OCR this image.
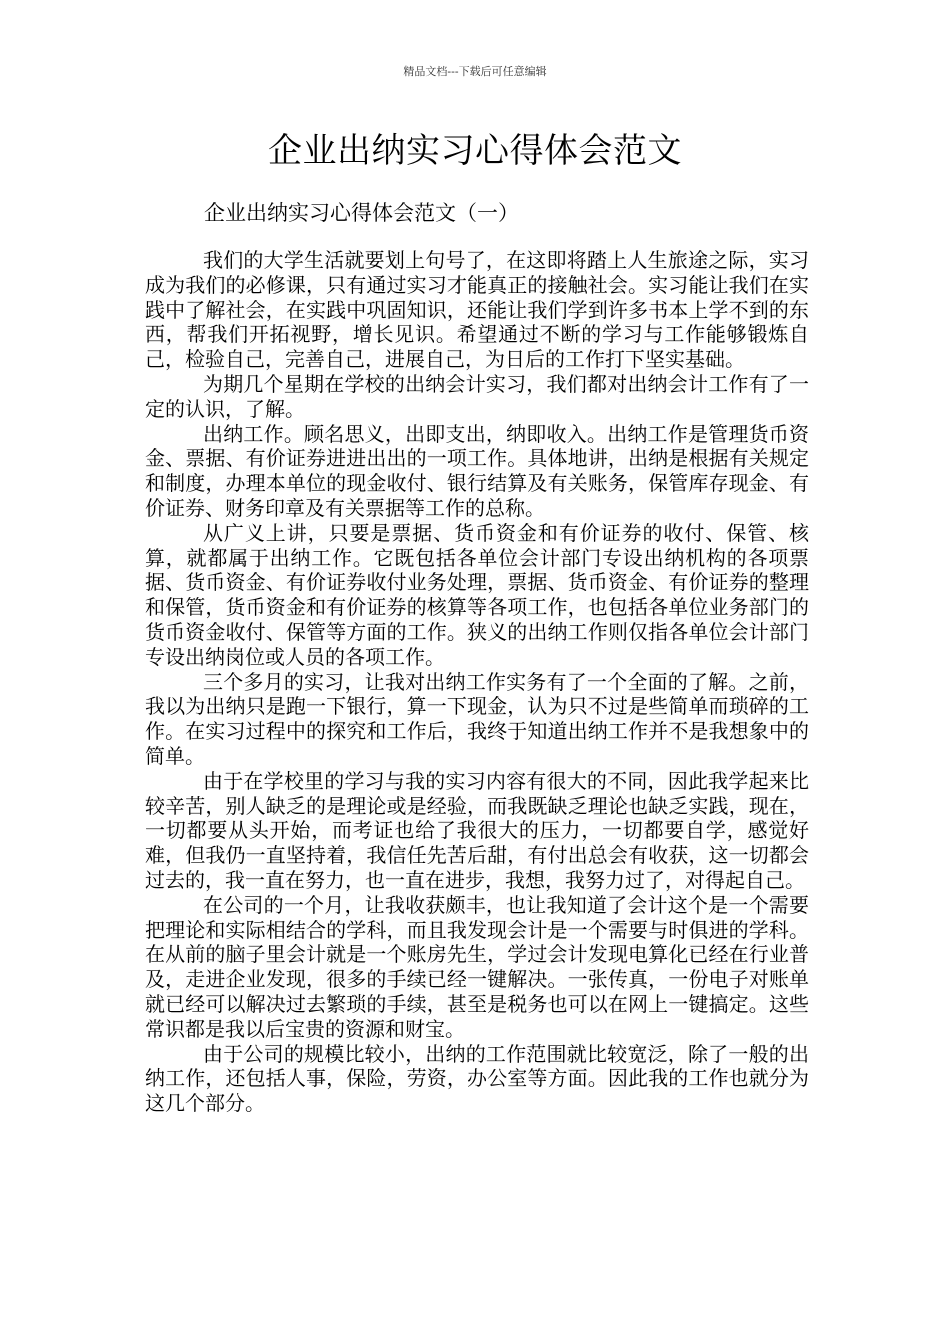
精品文档---下载后可任意编辑
企业出纳实习心得体会范文
企业出纳实习心得体会范文（一）

我们的大学生活就要划上句号了，在这即将踏上人生旅途之际，实习成为我们的必修课，只有通过实习才能真正的接触社会。实习能让我们在实践中了解社会，在实践中巩固知识，还能让我们学到许多书本上学不到的东西，帮我们开拓视野，增长见识。希望通过不断的学习与工作能够锻炼自己，检验自己，完善自己，进展自己，为日后的工作打下坚实基础。

为期几个星期在学校的出纳会计实习，我们都对出纳会计工作有了一定的认识，了解。

出纳工作。顾名思义，出即支出，纳即收入。出纳工作是管理货币资金、票据、有价证券进进出出的一项工作。具体地讲，出纳是根据有关规定和制度，办理本单位的现金收付、银行结算及有关账务，保管库存现金、有价证券、财务印章及有关票据等工作的总称。

从广义上讲，只要是票据、货币资金和有价证券的收付、保管、核算，就都属于出纳工作。它既包括各单位会计部门专设出纳机构的各项票据、货币资金、有价证券收付业务处理，票据、货币资金、有价证券的整理和保管，货币资金和有价证券的核算等各项工作，也包括各单位业务部门的货币资金收付、保管等方面的工作。狭义的出纳工作则仅指各单位会计部门专设出纳岗位或人员的各项工作。

三个多月的实习，让我对出纳工作实务有了一个全面的了解。之前，我以为出纳只是跑一下银行，算一下现金，认为只不过是些简单而琐碎的工作。在实习过程中的探究和工作后，我终于知道出纳工作并不是我想象中的简单。

由于在学校里的学习与我的实习内容有很大的不同，因此我学起来比较辛苦，别人缺乏的是理论或是经验，而我既缺乏理论也缺乏实践，现在，一切都要从头开始，而考证也给了我很大的压力，一切都要自学，感觉好难，但我仍一直坚持着，我信任先苦后甜，有付出总会有收获，这一切都会过去的，我一直在努力，也一直在进步，我想，我努力过了，对得起自己。

在公司的一个月，让我收获颇丰，也让我知道了会计这个是一个需要把理论和实际相结合的学科，而且我发现会计是一个需要与时俱进的学科。在从前的脑子里会计就是一个账房先生，学过会计发现电算化已经在行业普及，走进企业发现，很多的手续已经一键解决。一张传真，一份电子对账单就已经可以解决过去繁琐的手续，甚至是税务也可以在网上一键搞定。这些常识都是我以后宝贵的资源和财宝。

由于公司的规模比较小，出纳的工作范围就比较宽泛，除了一般的出纳工作，还包括人事，保险，劳资，办公室等方面。因此我的工作也就分为这几个部分。
